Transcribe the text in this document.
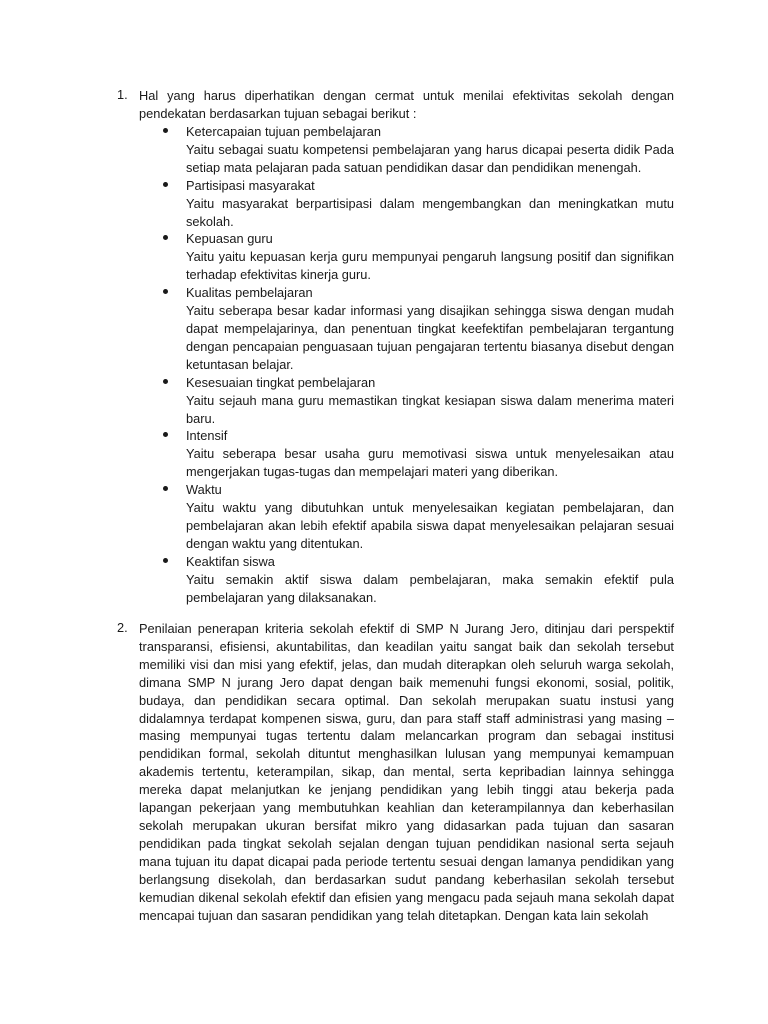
1. Hal yang harus diperhatikan dengan cermat untuk menilai efektivitas sekolah dengan pendekatan berdasarkan tujuan sebagai berikut :

Ketercapaian tujuan pembelajaran
Yaitu sebagai suatu kompetensi pembelajaran yang harus dicapai peserta didik Pada setiap mata pelajaran pada satuan pendidikan dasar dan pendidikan menengah.
Partisipasi masyarakat
Yaitu masyarakat berpartisipasi dalam mengembangkan dan meningkatkan mutu sekolah.
Kepuasan guru
Yaitu yaitu kepuasan kerja guru mempunyai pengaruh langsung positif dan signifikan terhadap efektivitas kinerja guru.
Kualitas pembelajaran
Yaitu seberapa besar kadar informasi yang disajikan sehingga siswa dengan mudah dapat mempelajarinya, dan penentuan tingkat keefektifan pembelajaran tergantung dengan pencapaian penguasaan tujuan pengajaran tertentu biasanya disebut dengan ketuntasan belajar.
Kesesuaian tingkat pembelajaran
Yaitu sejauh mana guru memastikan tingkat kesiapan siswa dalam menerima materi baru.
Intensif
Yaitu seberapa besar usaha guru memotivasi siswa untuk menyelesaikan atau mengerjakan tugas-tugas dan mempelajari materi yang diberikan.
Waktu
Yaitu waktu yang dibutuhkan untuk menyelesaikan kegiatan pembelajaran, dan pembelajaran akan lebih efektif apabila siswa dapat menyelesaikan pelajaran sesuai dengan waktu yang ditentukan.
Keaktifan siswa
Yaitu semakin aktif siswa dalam pembelajaran, maka semakin efektif pula pembelajaran yang dilaksanakan.
2. Penilaian penerapan kriteria sekolah efektif di SMP N Jurang Jero, ditinjau dari perspektif transparansi, efisiensi, akuntabilitas, dan keadilan yaitu sangat baik dan sekolah tersebut memiliki visi dan misi yang efektif, jelas, dan mudah diterapkan oleh seluruh warga sekolah, dimana SMP N jurang Jero dapat dengan baik memenuhi fungsi ekonomi, sosial, politik, budaya, dan pendidikan secara optimal. Dan sekolah merupakan suatu instusi yang didalamnya terdapat kompenen siswa, guru, dan para staff staff administrasi yang masing – masing mempunyai tugas tertentu dalam melancarkan program dan sebagai institusi pendidikan formal, sekolah dituntut menghasilkan lulusan yang mempunyai kemampuan akademis tertentu, keterampilan, sikap, dan mental, serta kepribadian lainnya sehingga mereka dapat melanjutkan ke jenjang pendidikan yang lebih tinggi atau bekerja pada lapangan pekerjaan yang membutuhkan keahlian dan keterampilannya dan keberhasilan sekolah merupakan ukuran bersifat mikro yang didasarkan pada tujuan dan sasaran pendidikan pada tingkat sekolah sejalan dengan tujuan pendidikan nasional serta sejauh mana tujuan itu dapat dicapai pada periode tertentu sesuai dengan lamanya pendidikan yang berlangsung disekolah, dan berdasarkan sudut pandang keberhasilan sekolah tersebut kemudian dikenal sekolah efektif dan efisien yang mengacu pada sejauh mana sekolah dapat mencapai tujuan dan sasaran pendidikan yang telah ditetapkan. Dengan kata lain sekolah
